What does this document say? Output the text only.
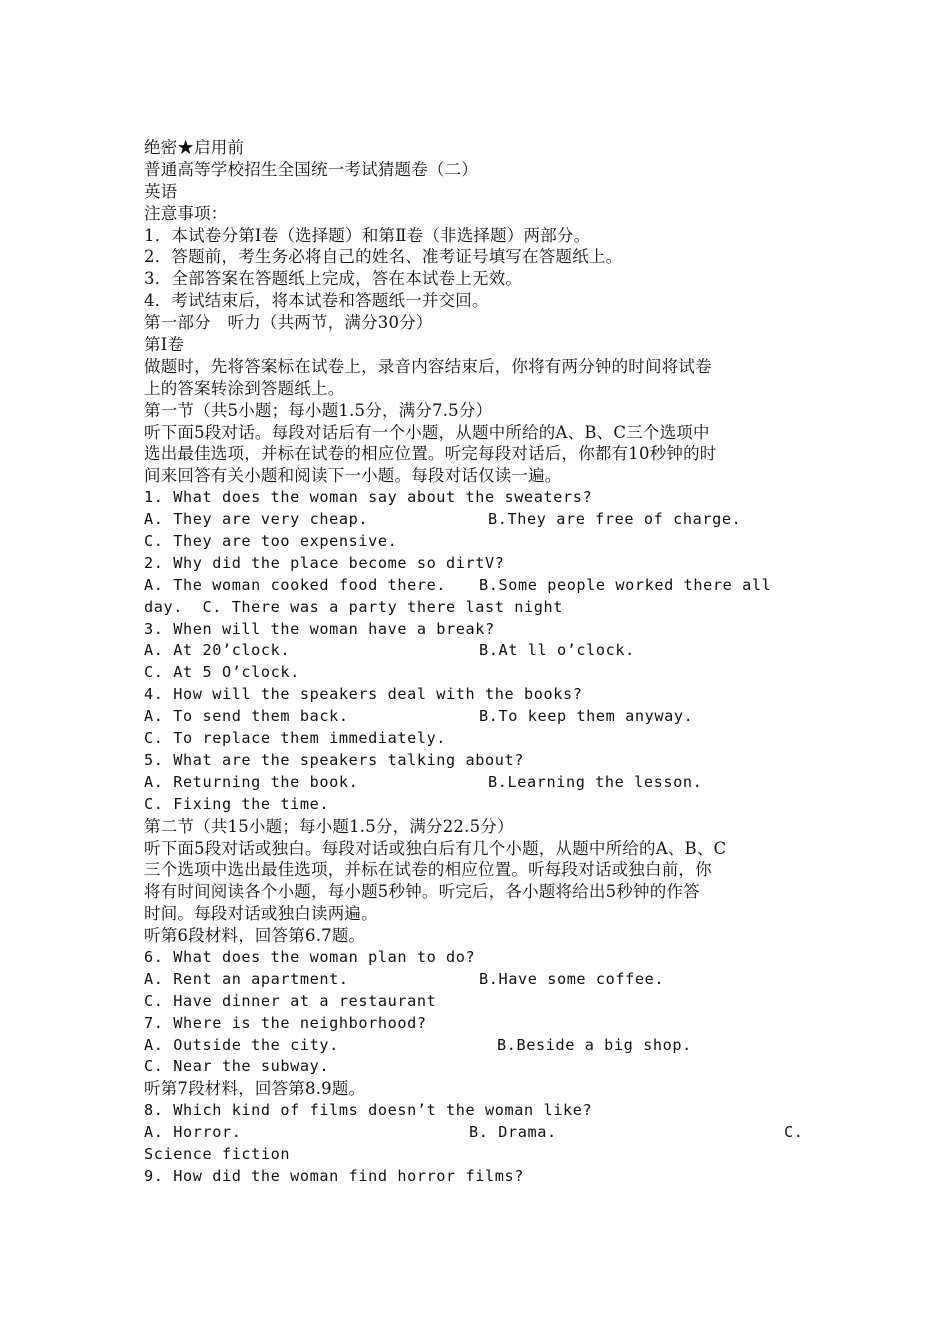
绝密★启用前
普通高等学校招生全国统一考试猜题卷（二）
英语
注意事项：
1．本试卷分第Ⅰ卷（选择题）和第Ⅱ卷（非选择题）两部分。
2．答题前，考生务必将自己的姓名、准考证号填写在答题纸上。
3．全部答案在答题纸上完成，答在本试卷上无效。
4．考试结束后，将本试卷和答题纸一并交回。
第一部分　听力（共两节，满分30分）
第Ⅰ卷
做题时，先将答案标在试卷上，录音内容结束后，你将有两分钟的时间将试卷
上的答案转涂到答题纸上。
第一节（共5小题；每小题1.5分，满分7.5分）
听下面5段对话。每段对话后有一个小题，从题中所给的A、B、C三个选项中
选出最佳选项，并标在试卷的相应位置。听完每段对话后，你都有10秒钟的时
间来回答有关小题和阅读下一小题。每段对话仅读一遍。
1. What does the woman say about the sweaters?

A. They are very cheap.

	B.They are free of charge.

C. They are too expensive.
2. Why did the place become so dirtV?

A. The woman cooked food there.

B.Some people worked there all

day.  C. There was a party there last night
3. When will the woman have a break?

A. At 20’clock.

	B.At ll o’clock.

C. At 5 O’clock.
4. How will the speakers deal with the books?

A. To send them back.

	B.To keep them anyway.

C. To replace them immediately.
5. What are the speakers talking about?

A. Returning the book.

	B.Learning the lesson.

C. Fixing the time.
第二节（共15小题；每小题1.5分，满分22.5分）
听下面5段对话或独白。每段对话或独白后有几个小题，从题中所给的A、B、C
三个选项中选出最佳选项，并标在试卷的相应位置。听每段对话或独白前，你
将有时间阅读各个小题，每小题5秒钟。听完后，各小题将给出5秒钟的作答
时间。每段对话或独白读两遍。
听第6段材料，回答第6.7题。
6. What does the woman plan to do?

A. Rent an apartment.

	B.Have some coffee.

C. Have dinner at a restaurant
7. Where is the neighborhood?

A. Outside the city.

	B.Beside a big shop.

C. Near the subway.
听第7段材料，回答第8.9题。
8. Which kind of films doesn’t the woman like?

A. Horror.

	B. Drama.

	C.

Science fiction
9. How did the woman find horror films?
